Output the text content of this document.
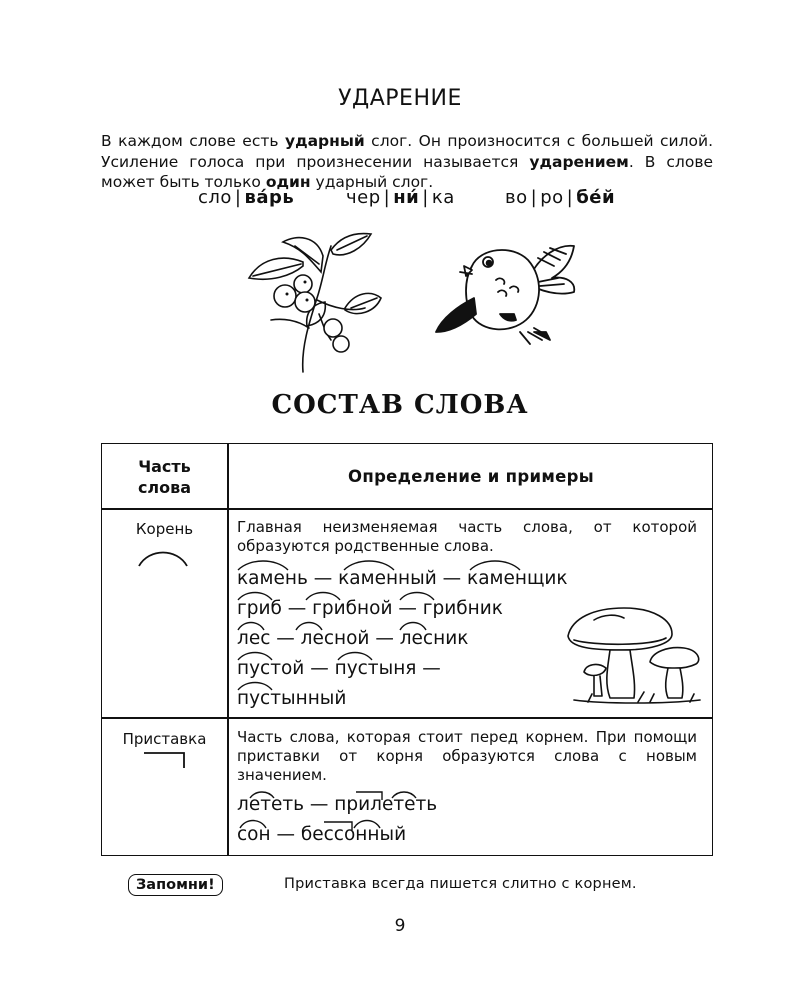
УДАРЕНИЕ
В каждом слове есть ударный слог. Он произносится с большей силой. Усиление голоса при произнесении называется ударением. В слове может быть только один ударный слог.
сло | ва́рь	чер | ни́ | ка	во | ро | бе́й
СОСТАВ СЛОВА
Часть слова
Определение и примеры
Корень	Главная неизменяемая часть слова, от которой образуются родственные слова.
камень — каменный — каменщик
гриб — грибной — грибник
лес — лесной — лесник
пустой — пустыня —
пустынный
Приставка	Часть слова, которая стоит перед корнем. При помощи приставки от корня образуются слова с новым значением.
лететь — прилететь
сон — бессонный
Запомни!	Приставка всегда пишется слитно с корнем.
9
